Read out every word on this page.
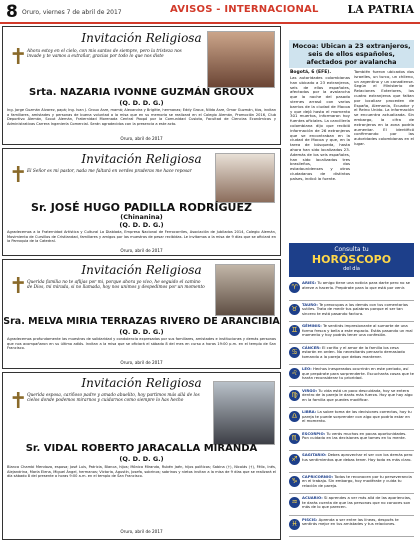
8 Oruro, viernes 7 de abril de 2017	AVISOS - INTERNACIONAL	LA PATRIA
Invitación Religiosa
✝ Ahora estoy en el cielo, con mis santos de siempre, pero la tristeza nos invade y te vamos a extrañar, gracias por todo lo que nos diste
Srta. NAZARIA IVONNE GUZMÁN GROUX
(Q. D. D. G.)
Ing. Jorge Guzmán Álvarez, papá; Ing. Ivan J. Groux Arze, mamá; Alexandra y Brigitte, hermanas; Eddy Groux, Nilda Arze, Omar Guzmán, tíos, invitan a familiares, amistades y personas de buena voluntad a la misa que en su memoria se realizará en el Colegio Alemán, Promoción 2016, Club Deportivo Alemán, Scout Alemán, Fraternidad Morenada Central Poopó por la Comunidad Cusiota, Facultad de Ciencias Económicas y Administrativas Carrera Ingeniería Comercial. Serán agradecidos con la presencia a este acto.
Oruro, abril de 2017
Invitación Religiosa
✝ El Señor es mi pastor, nada me faltará en verdes praderas me hace reposar
Sr. JOSÉ HUGO PADILLA RODRÍGUEZ
(Chinanina)
(Q. D. D. G.)
Agradecemos a la Fraternidad Artística y Cultural La Diablada, Empresa Nacional de Ferrocarriles, Asociación de Jubilados 2014, Colegio Alemán, Movimiento de Cursillos de Cristiandad, familiares y amigos por las muestras de pesar recibidas. Le invitamos a la misa de 9 días que se oficiará en la Parroquia de la Catedral.
Oruro, abril de 2017
Invitación Religiosa
✝ Querida familia no te aflijas por mi, porque ahora yo vivo, he seguido el camino de Dios, mi mirada, si no llamada, hoy nos unimos y despedimos por un momento
Sra. MELVA MIRIA TERRAZAS RIVERO DE ARANCIBIA
(Q. D. D. G.)
Agradecemos profundamente las muestras de solidaridad y condolencia expresadas por sus familiares, amistades e instituciones y demás personas que nos acompañaron en su último adiós. Invitan a la misa que se oficiará el sábado 8 del mes en curso a horas 19:00 p.m. en el templo de San Francisco.
Oruro, abril de 2017
Invitación Religiosa
✝ Querida esposa, cariñoso padre y amado abuelito, hoy partimos más allá de los cielos donde podemos mirarnos y cuidarnos como siempre lo has hecho
Sr. VIDAL ROBERTO JARACALLA MIRANDA
(Q. D. D. G.)
Blanca Chambi Mendoza, esposa; José Luis, Patricia, Blanca, hijos; Mónica Miranda, Rubén Jaén, hijos políticos; Sabina (†), Nicolás (†), Félix, Inés, Alejandrina, María Elena, Miguel Ángel, hermanos; Victoria, Agustín, Josefa, sobrinos; sobrinos y nietos invitan a la misa de 9 días que se realizará el día sábado 8 del presente a horas 9:00 a.m. en el templo de San Francisco.
Oruro, abril de 2017
Mocoa: Ubican a 23 extranjeros, seis de ellos españoles, afectados por avalancha
Bogotá, 6 (EFE).
Las autoridades colombianas han ubicado a 23 extranjeros, seis de ellos españoles, afectados por la avalancha que la noche del pasado viernes arrasó con varios barrios de la ciudad de Mocoa y que dejó hasta el momento 301 muertos, informaron hoy fuentes oficiales. La cancillería colombiana dijo que recibió información de 26 extranjeros que se encontraban en la ciudad de Mocoa y que, en la tarea de búsqueda, hasta ahora han sido localizados 23. Además de los seis españoles, han sido localizados tres brasileños, dos estadounidenses y otros ciudadanos de distintos países, indicó la fuente.
También fueron ubicados dos israelíes, un turco, un chileno, un argentino y un canadiense. Según el Ministerio de Relaciones Exteriores, los cuatro extranjeros que faltan por localizar proceden de España, Alemania, Ecuador y el Reino Unido. La información se encuentra actualizada. Sin embargo, la cifra de extranjeros en la zona podría aumentar. El identificó confirmando por las autoridades colombianas en el lugar.
Consulta tu
HORÓSCOPO
del día
♈
ARIES: Tu amigo tiene una noticia para darte pero no se atreve a hacerlo. Prepárate para lo que está por venir.
♉
TAURO: Te preocupas a los demás con tus comentarios sutiles. Trata de medir tus palabras porque el ser tan sincero te está pasando factura.
♊
GÉMINIS: Te sentirás impresionante al sumarte de una forma fresca y bella a este espacio. Estás pasando un mal momento y hoy podrás tener una confesión.
♋
CÁNCER: El cariño y el amor de la familia los cesa estarán en orden. No necesitarás pensarlo demasiado tomando a la pareja que debas mantener.
♌
LEO: Hechos inesperados ocurrirán en este periodo, así que prepárate para sorprenderte. Escucharás cosas que te harán reconsiderar tu prioridad.
♍
VIRGO: Tu vida está un poco descuidada, hoy se entera dentro de la pareja le darás más fuerza. Hoy que hay algo en la familia que puedes modificar.
♎
LIBRA: La sobre toma de las decisiones correctas, hoy tu pareja te puede sorprender con algo que podría estar en el momento.
♏
ESCORPIO: Tu verás muchos en pocas oportunidades. Pon cuidado en las decisiones que tomes en tu mente.
♐
SAGITARIO: Debes aprovechar el ser con los demás pero tus sentimientos que debas tener. Hoy todo es más claro.
♑
CAPRICORNIO: Todos te reconocen por tu perseverancia en el trabajo. Sin embargo, hoy modérate y cuida tu relación de pareja.
♒
ACUARIO: Si aprendes a ver más allá de las apariencias, te darás cuenta de que las personas que no conoces son más de lo que parecen.
♓
PISCIS: Aprenda a ser entre las líneas, después te sentirás mejor en tus amistades y tus relaciones.
